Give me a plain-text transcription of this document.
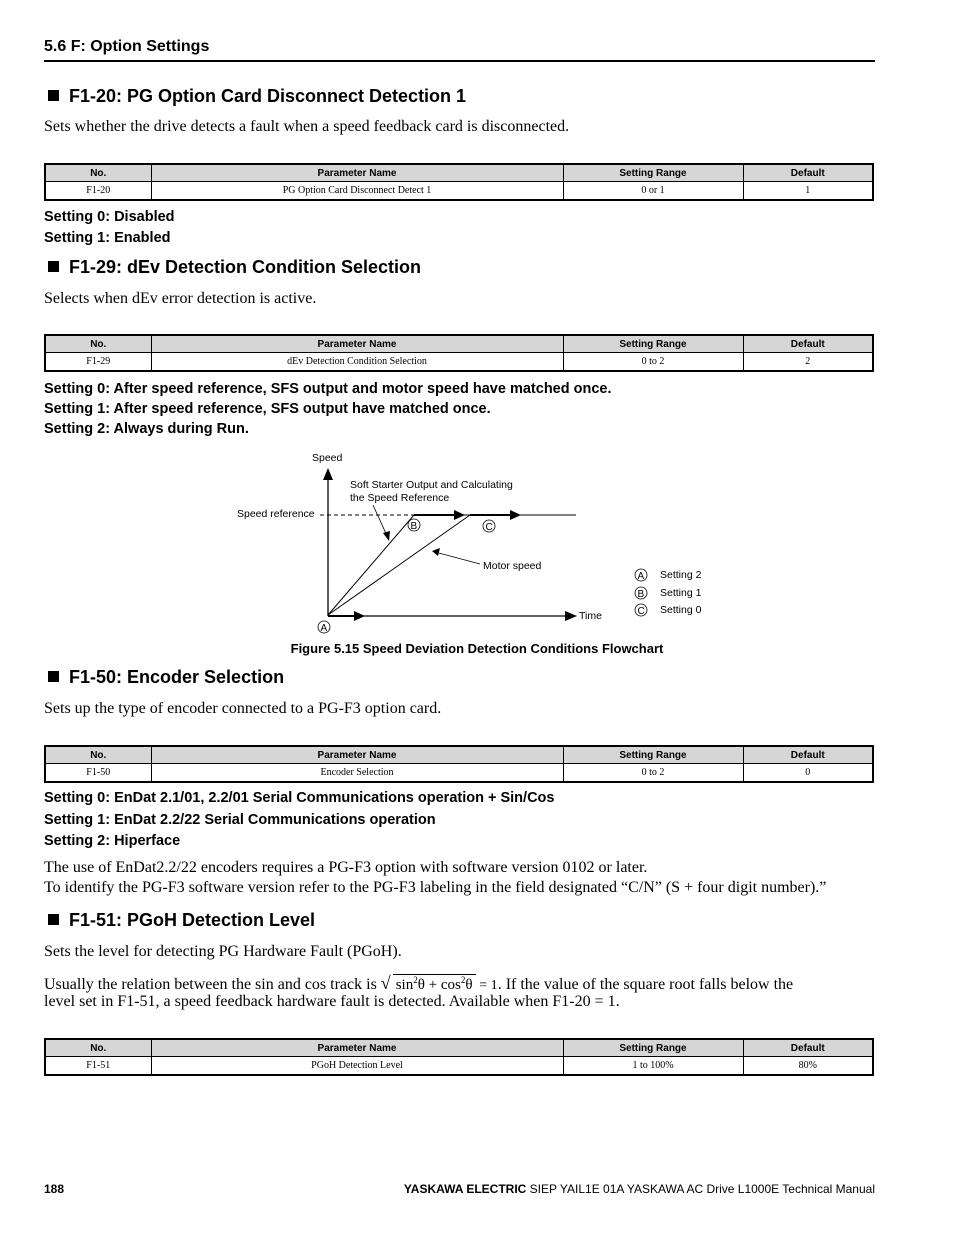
5.6 F: Option Settings
F1-20: PG Option Card Disconnect Detection 1
Sets whether the drive detects a fault when a speed feedback card is disconnected.
No.	Parameter Name	Setting Range	Default
F1-20	PG Option Card Disconnect Detect 1	0 or 1	1
Setting 0: Disabled
Setting 1: Enabled
F1-29: dEv Detection Condition Selection
Selects when dEv error detection is active.
No.	Parameter Name	Setting Range	Default
F1-29	dEv Detection Condition Selection	0 to 2	2
Setting 0: After speed reference, SFS output and motor speed have matched once.
Setting 1: After speed reference, SFS output have matched once.
Setting 2: Always during Run.
Speed
Time
Speed reference
Soft Starter Output and Calculating
the Speed Reference
Motor speed
B	C
A
A Setting 2
B Setting 1
C Setting 0
Figure 5.15 Speed Deviation Detection Conditions Flowchart
F1-50: Encoder Selection
Sets up the type of encoder connected to a PG-F3 option card.
No.	Parameter Name	Setting Range	Default
F1-50	Encoder Selection	0 to 2	0
Setting 0: EnDat 2.1/01, 2.2/01 Serial Communications operation + Sin/Cos
Setting 1: EnDat 2.2/22 Serial Communications operation
Setting 2: Hiperface
The use of EnDat2.2/22 encoders requires a PG-F3 option with software version 0102 or later.
To identify the PG-F3 software version refer to the PG-F3 labeling in the field designated “C/N” (S + four digit number).”
F1-51: PGoH Detection Level
Sets the level for detecting PG Hardware Fault (PGoH).
Usually the relation between the sin and cos track is √ $\sin^2\theta + \cos^2\theta = 1$. If the value of the square root falls below the
level set in F1-51, a speed feedback hardware fault is detected. Available when F1-20 = 1.
No.	Parameter Name	Setting Range	Default
F1-51	PGoH Detection Level	1 to 100%	80%
188	YASKAWA ELECTRIC SIEP YAIL1E 01A YASKAWA AC Drive L1000E Technical Manual
